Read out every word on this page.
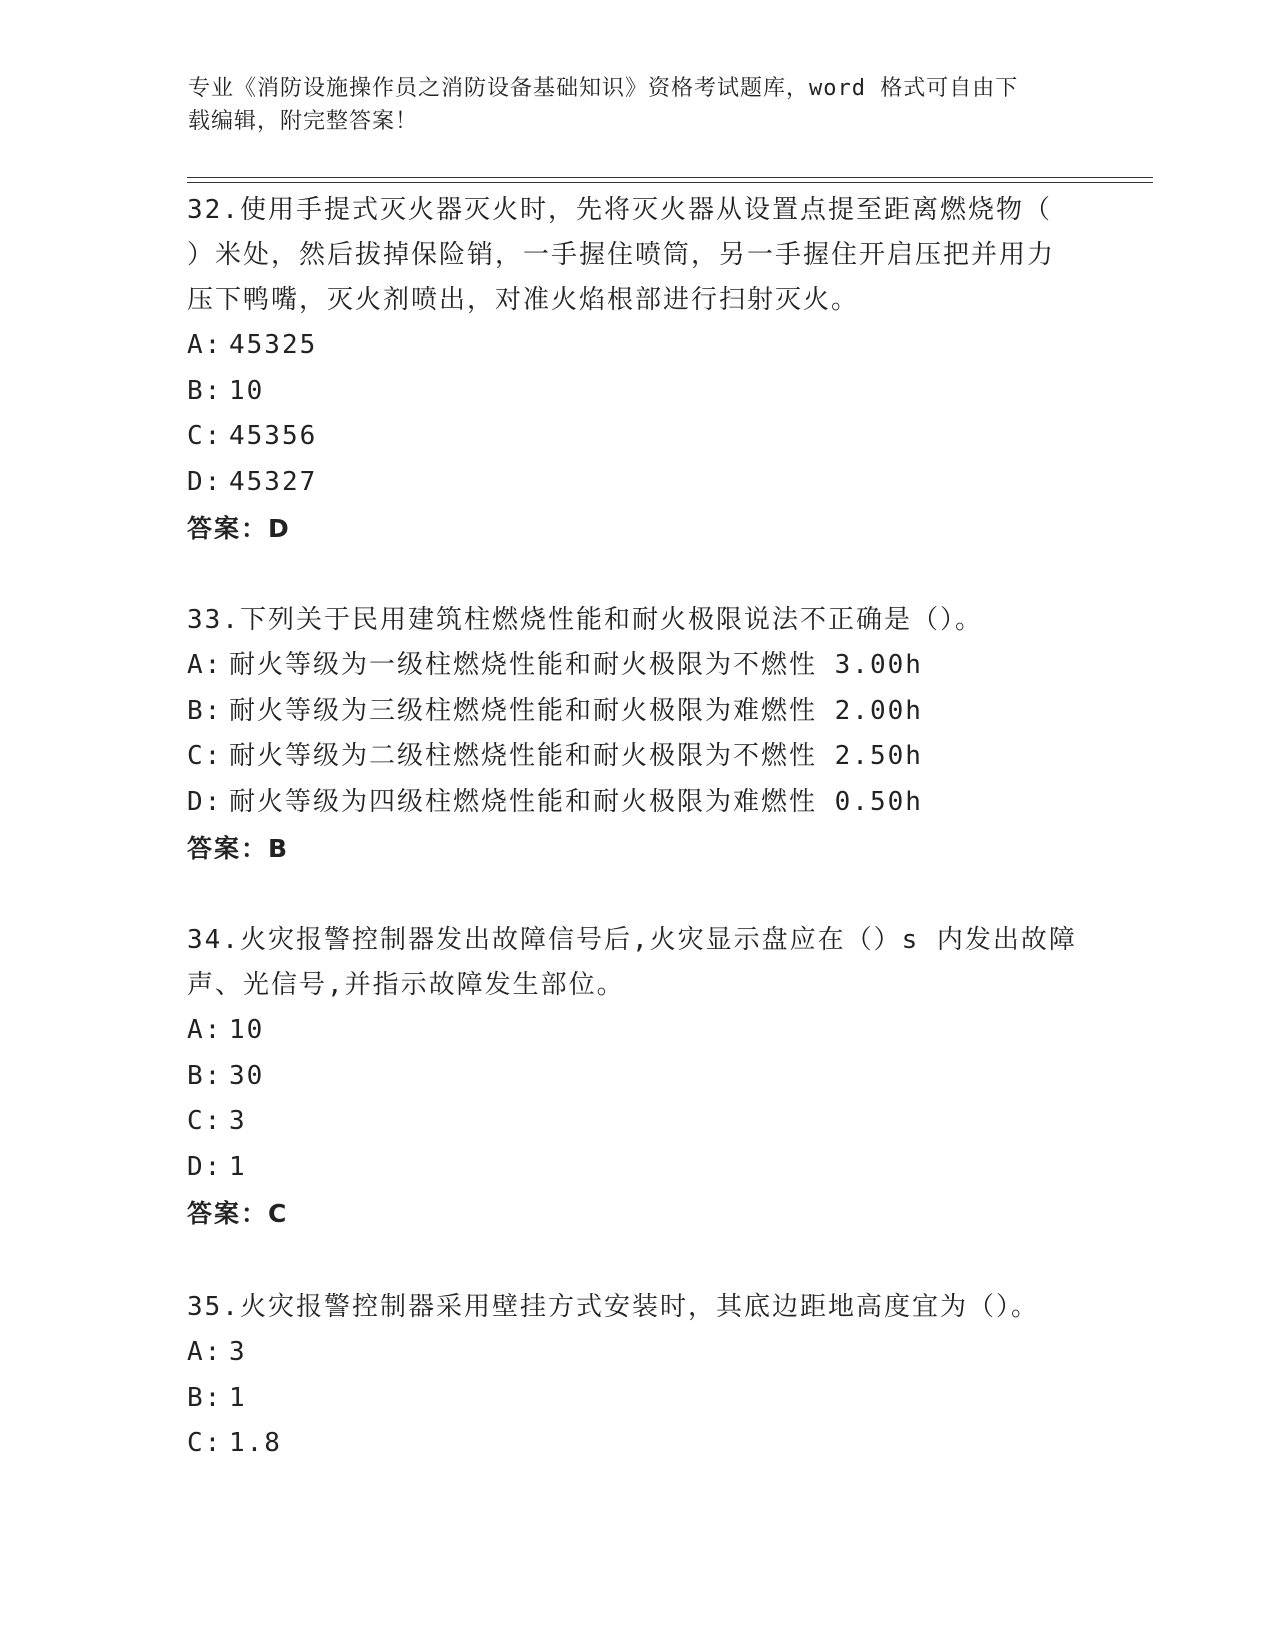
专业《消防设施操作员之消防设备基础知识》资格考试题库，word 格式可自由下
载编辑，附完整答案！
32.使用手提式灭火器灭火时，先将灭火器从设置点提至距离燃烧物（ ）米处，然后拔掉保险销，一手握住喷筒，另一手握住开启压把并用力压下鸭嘴，灭火剂喷出，对准火焰根部进行扫射灭火。
A: 45325
B: 10
C: 45356
D: 45327
答案：D
33.下列关于民用建筑柱燃烧性能和耐火极限说法不正确是（）。
A: 耐火等级为一级柱燃烧性能和耐火极限为不燃性 3.00h
B: 耐火等级为三级柱燃烧性能和耐火极限为难燃性 2.00h
C: 耐火等级为二级柱燃烧性能和耐火极限为不燃性 2.50h
D: 耐火等级为四级柱燃烧性能和耐火极限为难燃性 0.50h
答案：B
34.火灾报警控制器发出故障信号后,火灾显示盘应在（）s 内发出故障声、光信号,并指示故障发生部位。
A: 10
B: 30
C: 3
D: 1
答案：C
35.火灾报警控制器采用壁挂方式安装时，其底边距地高度宜为（）。
A: 3
B: 1
C: 1.8
